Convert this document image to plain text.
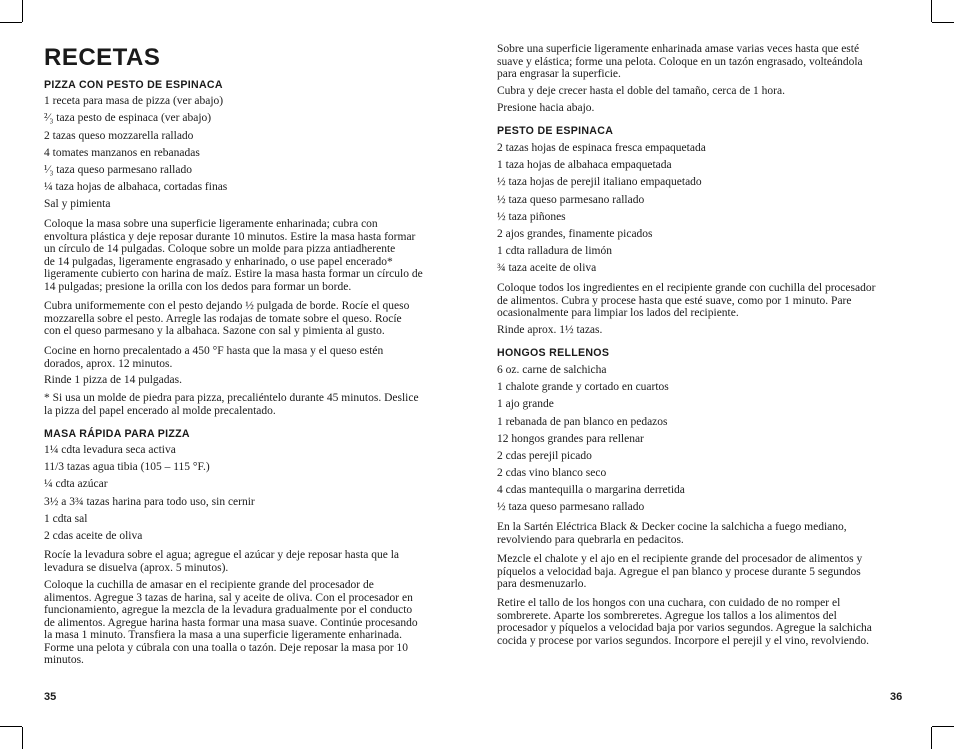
RECETAS
PIZZA CON PESTO DE ESPINACA

1 receta para masa de pizza (ver abajo)

²⁄₃ taza pesto de espinaca (ver abajo)

2 tazas queso mozzarella rallado

4 tomates manzanos en rebanadas

¹⁄₃ taza queso parmesano rallado

¼ taza hojas de albahaca, cortadas finas

Sal y pimienta

Coloque la masa sobre una superficie ligeramente enharinada; cubra con
envoltura plástica y deje reposar durante 10 minutos. Estire la masa hasta formar
un círculo de 14 pulgadas. Coloque sobre un molde para pizza antiadherente
de 14 pulgadas, ligeramente engrasado y enharinado, o use papel encerado*
ligeramente cubierto con harina de maíz. Estire la masa hasta formar un círculo de
14 pulgadas; presione la orilla con los dedos para formar un borde.

Cubra uniformemente con el pesto dejando ½ pulgada de borde. Rocíe el queso
mozzarella sobre el pesto. Arregle las rodajas de tomate sobre el queso. Rocíe
con el queso parmesano y la albahaca. Sazone con sal y pimienta al gusto.

Cocine en horno precalentado a 450 °F hasta que la masa y el queso estén
dorados, aprox. 12 minutos.

Rinde 1 pizza de 14 pulgadas.

* Si usa un molde de piedra para pizza, precaliéntelo durante 45 minutos. Deslice
la pizza del papel encerado al molde precalentado.

MASA RÁPIDA PARA PIZZA

1¼ cdta levadura seca activa

11/3 tazas agua tibia (105 – 115 °F.)

¼ cdta azúcar

3½ a 3¾ tazas harina para todo uso, sin cernir

1 cdta sal

2 cdas aceite de oliva

Rocíe la levadura sobre el agua; agregue el azúcar y deje reposar hasta que la
levadura se disuelva (aprox. 5 minutos).

Coloque la cuchilla de amasar en el recipiente grande del procesador de
alimentos. Agregue 3 tazas de harina, sal y aceite de oliva. Con el procesador en
funcionamiento, agregue la mezcla de la levadura gradualmente por el conducto
de alimentos. Agregue harina hasta formar una masa suave. Continúe procesando
la masa 1 minuto. Transfiera la masa a una superficie ligeramente enharinada.
Forme una pelota y cúbrala con una toalla o tazón. Deje reposar la masa por 10
minutos.

35

Sobre una superficie ligeramente enharinada amase varias veces hasta que esté
suave y elástica; forme una pelota. Coloque en un tazón engrasado, volteándola
para engrasar la superficie.

Cubra y deje crecer hasta el doble del tamaño, cerca de 1 hora.

Presione hacia abajo.

PESTO DE ESPINACA

2 tazas hojas de espinaca fresca empaquetada

1 taza hojas de albahaca empaquetada

½ taza hojas de perejil italiano empaquetado

½ taza queso parmesano rallado

½ taza piñones

2 ajos grandes, finamente picados

1 cdta ralladura de limón

¾ taza aceite de oliva

Coloque todos los ingredientes en el recipiente grande con cuchilla del procesador
de alimentos. Cubra y procese hasta que esté suave, como por 1 minuto. Pare
ocasionalmente para limpiar los lados del recipiente.

Rinde aprox. 1½ tazas.

HONGOS RELLENOS

6 oz. carne de salchicha

1 chalote grande y cortado en cuartos

1 ajo grande

1 rebanada de pan blanco en pedazos

12 hongos grandes para rellenar

2 cdas perejil picado

2 cdas vino blanco seco

4 cdas mantequilla o margarina derretida

½ taza queso parmesano rallado

En la Sartén Eléctrica Black & Decker cocine la salchicha a fuego mediano,
revolviendo para quebrarla en pedacitos.

Mezcle el chalote y el ajo en el recipiente grande del procesador de alimentos y
píquelos a velocidad baja. Agregue el pan blanco y procese durante 5 segundos
para desmenuzarlo.

Retire el tallo de los hongos con una cuchara, con cuidado de no romper el
sombrerete. Aparte los sombreretes. Agregue los tallos a los alimentos del
procesador y píquelos a velocidad baja por varios segundos. Agregue la salchicha
cocida y procese por varios segundos. Incorpore el perejil y el vino, revolviendo.

36
